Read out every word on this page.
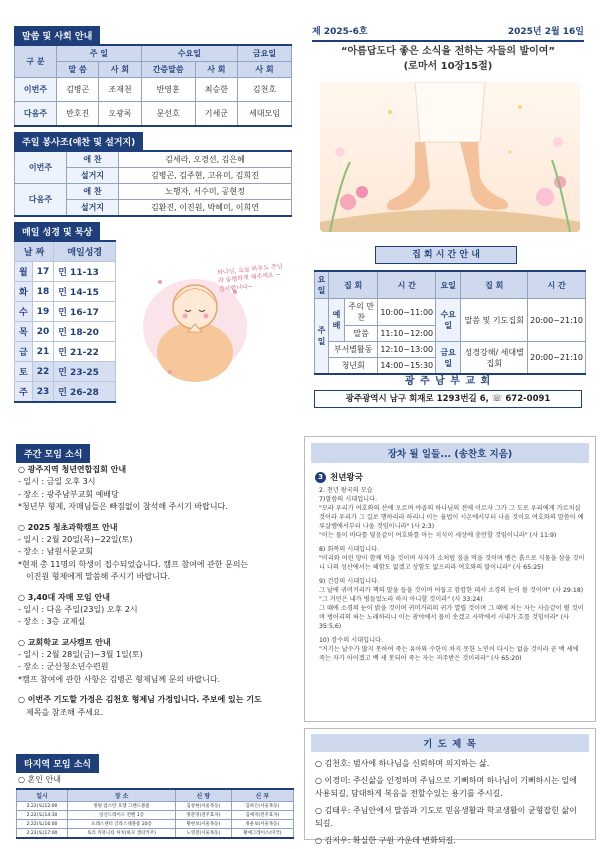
말씀 및 사회 안내
구 분	주 일		수요일		금요일
	말 씀	사 회	간증말씀	사 회	사 회
이번주	김병곤	조재천	반영훈	최승한	김천호
다음주	반호진	오광록	문선호	기세군	세대모임
주일 봉사조(애찬 및 설거지)
이번주	애 찬	김세라, 오경선, 김은혜
	설거지	김병곤, 김주현, 고유미, 김희진
다음주	애 찬	노행자, 서수미, 공현정
	설거지	김환진, 이진원, 박혜미, 이희연
매일 성경 및 묵상
날 짜		매일성경
월	17	민 11-13
화	18	민 14-15
수	19	민 16-17
목	20	민 18-20
금	21	민 21-22
토	22	민 23-25
주	23	민 26-28
하나님, 오늘 하루도 주님과 동행하게 해주세요 ~ 감사합니다~
제 2025-6호	2025년 2월 16일
“아름답도다 좋은 소식을 전하는 자들의 발이여”
(로마서 10장15절)
집 회 시 간 안 내
요일	집 회		시 간	요일	집 회	시 간
주 일	예 배	주의 만찬	10:00~11:00	수요일	말씀 및 기도집회	20:00~21:10
		말씀	11:10~12:00			
	부서별활동		12:10~13:00	금요일	성경강해/ 세대별집회	20:00~21:10
	청년회		14:00~15:30			
광 주 남 부 교 회
광주광역시 남구 회재로 1293번길 6, ☏ 672-0091
주간 모임 소식
○ 광주지역 청년연합집회 안내
- 일시 : 금일 오후 3시
- 장소 : 광주남부교회 예배당
*청년부 형제, 자매님들은 빠짐없이 참석해 주시기 바랍니다.
○ 2025 청초과학캠프 안내
- 일시 : 2월 20일(목)~22일(토)
- 장소 : 남원서문교회
*현재 총 11명의 학생이 접수되었습니다. 캠프 참여에 관한 문의는
이진원 형제에게 말씀해 주시기 바랍니다.
○ 3,40대 자매 모임 안내
- 일시 : 다음 주일(23일) 오후 2시
- 장소 : 3층 교제실
○ 교회학교 교사캠프 안내
- 일시 : 2월 28일(금)~3월 1일(토)
- 장소 : 군산청소년수련원
*캠프 참여에 관한 사항은 김병곤 형제님께 문의 바랍니다.
○ 이번주 기도할 가정은 김천호 형제님 가정입니다. 주보에 있는 기도
제목을 참조해 주세요.
타지역 모임 소식
○ 혼인 안내
일시	장 소	신 랑	신 부
2.22(토)12:00	정원 랍스탄 호텔 그랜드볼룸	김창현(서울목동)	김하은(서울목동)
2.22(토)14:30	일산드레이드 컨벤 1층	방준영(전주효자)	김예지(전주효자)
2.22(토)16:00	프레스센터 글라스대볼룸 20층	황현보(서울목동)	정운보(서울목동)
2.22(토)17:00	토리 커뮤니티 처치(하모 캔터키주)	노영철(서울목동)	황예그레이스(미국)
장차 될 일들... (송찬호 지음)
3 천년왕국
2. 천년 왕국의 모습
7)말씀의 시대입니다.
"모라 우리가 여호와의 산에 오르며 야곱의 하나님의 전에 이르자 그가 그 도로 우리에게 가르치실 것이라 우리가 그 길로 행하리라 하리니 이는 율법이 시온에서부터 나올 것이요 여호와의 말씀이 예루살렘에서부터 나올 것임이니라" (사 2:3)
"이는 물이 바다를 덮음같이 여호와를 아는 지식이 세상에 충만할 것임이니라" (사 11:9)
8) 회복의 시대입니다.
"이리와 어린 양이 함께 먹을 것이며 사자가 소처럼 짚을 먹을 것이며 뱀은 흙으로 식물을 삼을 것이니 나의 성산에서는 해함도 없겠고 상함도 없으리라 여호와의 말이니라" (사 65:25)
9) 건강의 시대입니다.
그 날에 귀머거리가 책의 말을 들을 것이며 어둡고 캄캄한 데서 소경의 눈이 볼 것이며" (사 29:18)
"그 거민은 내가 병들었노라 하지 아니할 것이라" (사 33:24)
그 때에 소경의 눈이 밝을 것이며 귀머거리의 귀가 열릴 것이며 그 때에 저는 자는 사슴같이 뛸 것이며 벙어리의 혀는 노래하리니 이는 광야에서 물이 솟겠고 사막에서 시내가 흐를 것임이라" (사 35:5,6)
10) 장수의 시대입니다.
"거기는 날수가 많지 못하여 죽는 유아와 수한이 차지 못한 노인이 다시는 없을 것이라 곧 백 세에 죽는 자가 아이겠고 백 세 못되어 죽는 자는 저주받은 것이리라" (사 65:20)
기 도 제 목
○ 김천호: 범사에 하나님을 신뢰하며 의지하는 삶.
○ 이경미: 주신삶을 인정하며 주님으로 기뻐하며 하나님이 기뻐하시는 일에 사용되길, 담대하게 복음을 전할수있는 용기를 주시길.
○ 김태우: 주님안에서 말씀과 기도로 믿음생활과 학교생활이 균형잡힌 삶이 되길.
○ 김지우: 확실한 구원 가운데 변화되길.
